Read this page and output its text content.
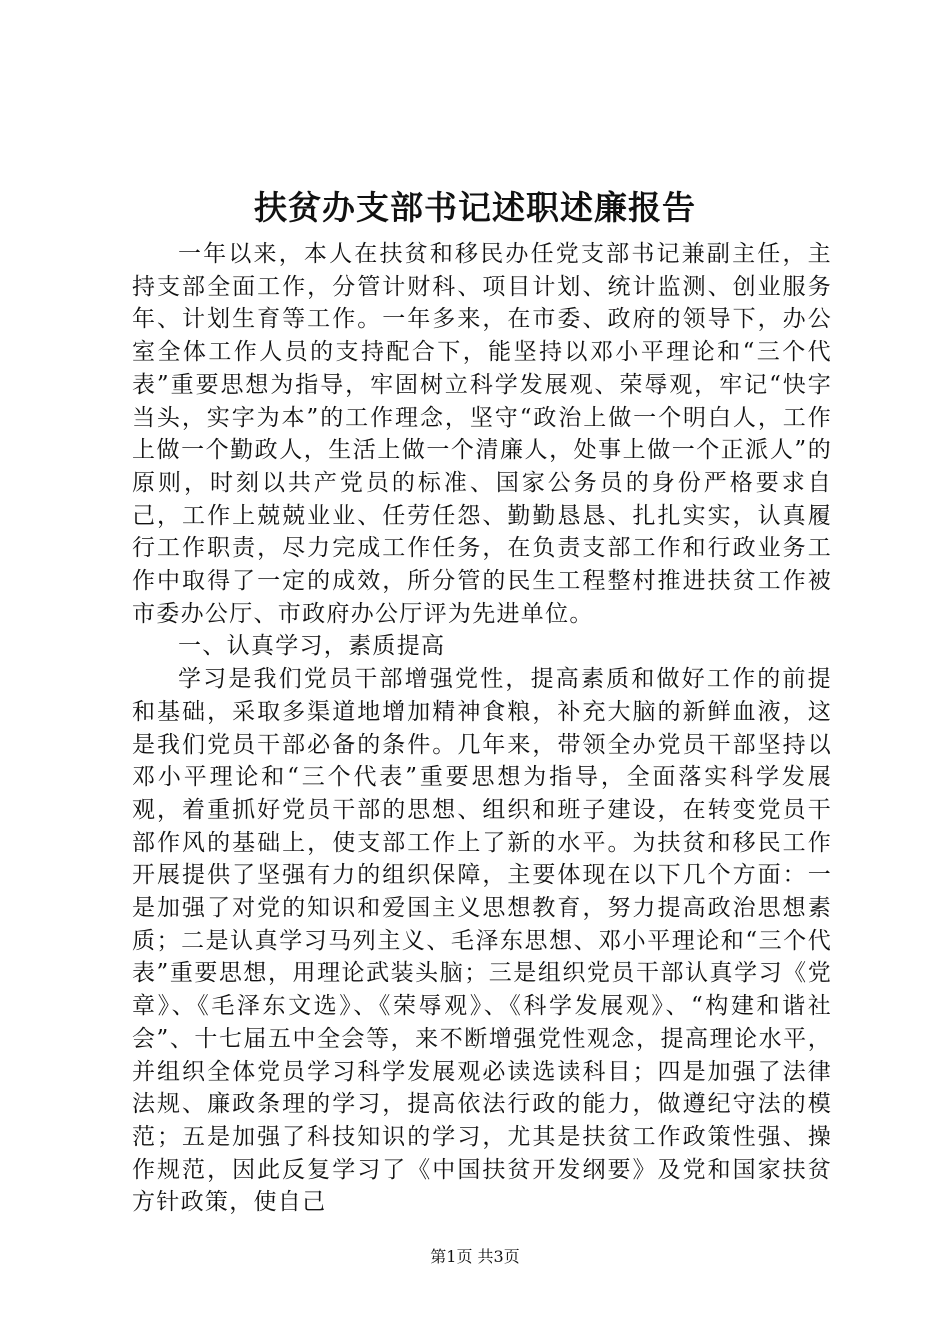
扶贫办支部书记述职述廉报告

一年以来，本人在扶贫和移民办任党支部书记兼副主任，主持支部全面工作，分管计财科、项目计划、统计监测、创业服务年、计划生育等工作。一年多来，在市委、政府的领导下，办公室全体工作人员的支持配合下，能坚持以邓小平理论和“三个代表”重要思想为指导，牢固树立科学发展观、荣辱观，牢记“快字当头，实字为本”的工作理念，坚守“政治上做一个明白人，工作上做一个勤政人，生活上做一个清廉人，处事上做一个正派人”的原则，时刻以共产党员的标准、国家公务员的身份严格要求自己，工作上兢兢业业、任劳任怨、勤勤恳恳、扎扎实实，认真履行工作职责，尽力完成工作任务，在负责支部工作和行政业务工作中取得了一定的成效，所分管的民生工程整村推进扶贫工作被市委办公厅、市政府办公厅评为先进单位。

一、认真学习，素质提高

学习是我们党员干部增强党性，提高素质和做好工作的前提和基础，采取多渠道地增加精神食粮，补充大脑的新鲜血液，这是我们党员干部必备的条件。几年来，带领全办党员干部坚持以邓小平理论和“三个代表”重要思想为指导，全面落实科学发展观，着重抓好党员干部的思想、组织和班子建设，在转变党员干部作风的基础上，使支部工作上了新的水平。为扶贫和移民工作开展提供了坚强有力的组织保障，主要体现在以下几个方面：一是加强了对党的知识和爱国主义思想教育，努力提高政治思想素质；二是认真学习马列主义、毛泽东思想、邓小平理论和“三个代表”重要思想，用理论武装头脑；三是组织党员干部认真学习《党章》、《毛泽东文选》、《荣辱观》、《科学发展观》、“构建和谐社会”、十七届五中全会等，来不断增强党性观念，提高理论水平，并组织全体党员学习科学发展观必读选读科目；四是加强了法律法规、廉政条理的学习，提高依法行政的能力，做遵纪守法的模范；五是加强了科技知识的学习，尤其是扶贫工作政策性强、操作规范，因此反复学习了《中国扶贫开发纲要》及党和国家扶贫方针政策，使自己

第1页 共3页
